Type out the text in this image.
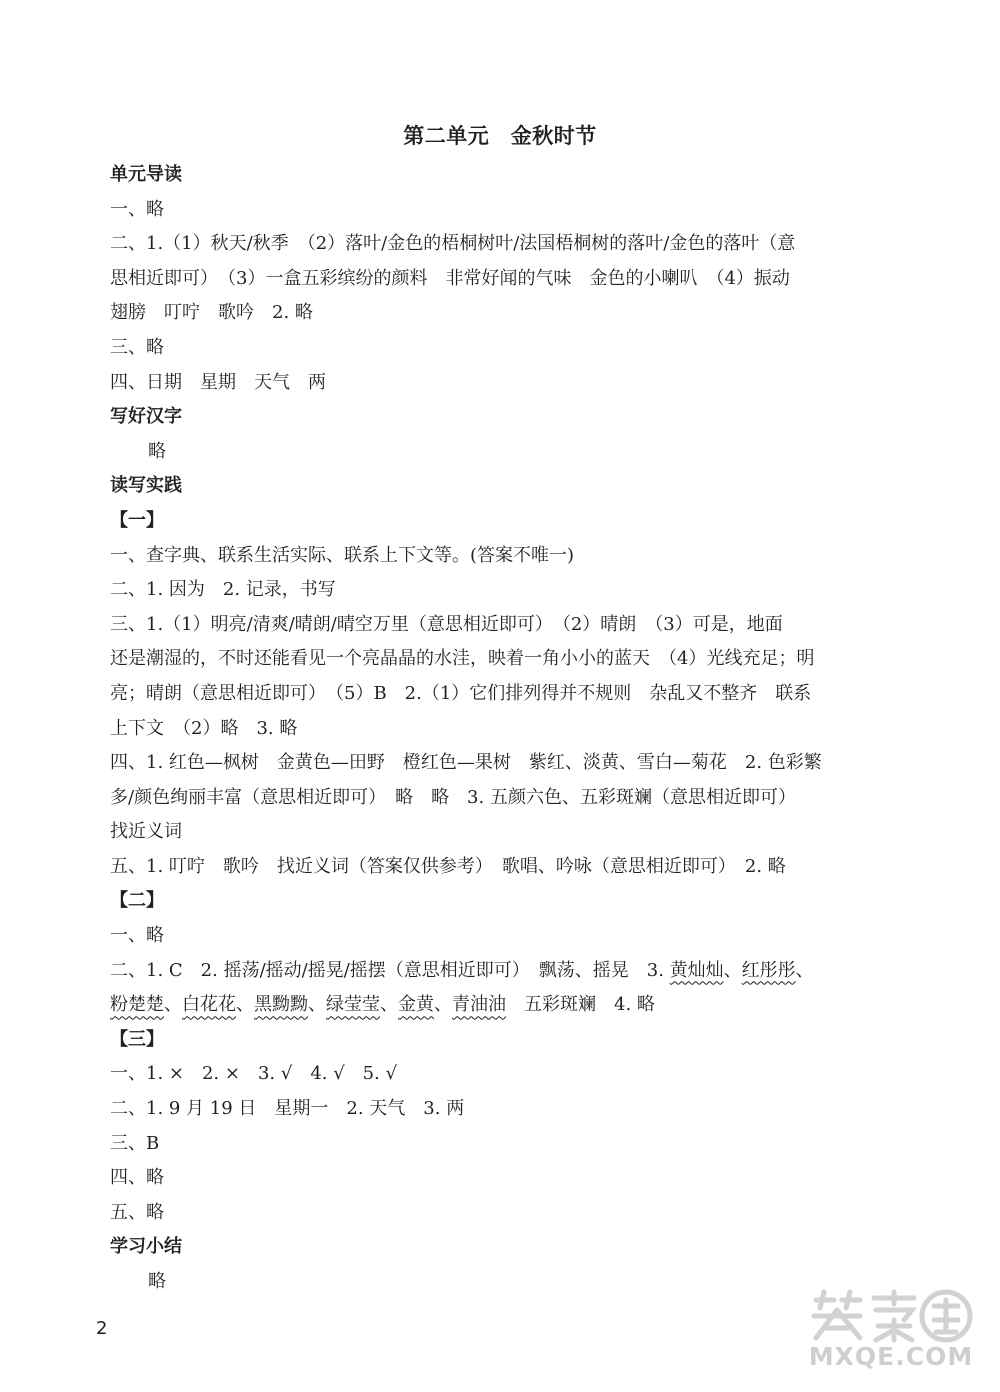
第二单元　金秋时节
单元导读
一、略
二、1.（1）秋天/秋季　（2）落叶/金色的梧桐树叶/法国梧桐树的落叶/金色的落叶（意
思相近即可）　（3）一盒五彩缤纷的颜料　非常好闻的气味　金色的小喇叭　（4）振动
翅膀　叮咛　歌吟　2. 略
三、略
四、日期　星期　天气　两
写好汉字
略
读写实践
【一】
一、查字典、联系生活实际、联系上下文等。(答案不唯一)
二、1. 因为　2. 记录，书写
三、1.（1）明亮/清爽/晴朗/晴空万里（意思相近即可）　（2）晴朗　（3）可是，地面
还是潮湿的，不时还能看见一个亮晶晶的水洼，映着一角小小的蓝天　（4）光线充足；明
亮；晴朗（意思相近即可）　（5）B　2.（1）它们排列得并不规则　杂乱又不整齐　联系
上下文　（2）略　3. 略
四、1. 红色—枫树　金黄色—田野　橙红色—果树　紫红、淡黄、雪白—菊花　2. 色彩繁
多/颜色绚丽丰富（意思相近即可）　略　略　3. 五颜六色、五彩斑斓（意思相近即可）
找近义词
五、1. 叮咛　歌吟　找近义词（答案仅供参考）　歌唱、吟咏（意思相近即可）　2. 略
【二】
一、略
二、1. C　2. 摇荡/摇动/摇晃/摇摆（意思相近即可）　飘荡、摇晃　3. 黄灿灿、红彤彤、
粉楚楚、白花花、黑黝黝、绿莹莹、金黄、青油油　五彩斑斓　4. 略
【三】
一、1. ×　2. ×　3. √　4. √　5. √
二、1. 9 月 19 日　星期一　2. 天气　3. 两
三、B
四、略
五、略
学习小结
略
2
MXQE.COM
